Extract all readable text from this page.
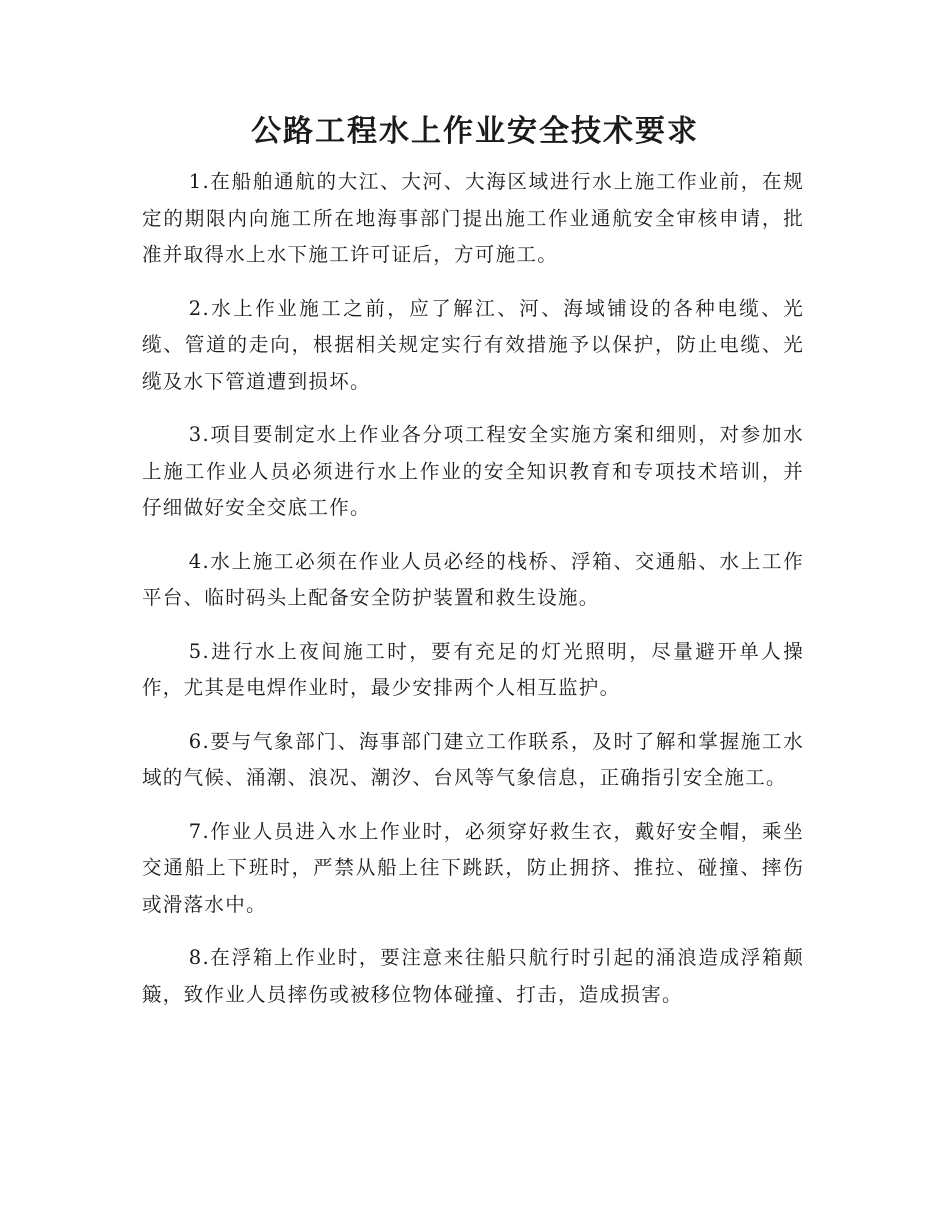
公路工程水上作业安全技术要求

1.在船舶通航的大江、大河、大海区域进行水上施工作业前，在规定的期限内向施工所在地海事部门提出施工作业通航安全审核申请，批准并取得水上水下施工许可证后，方可施工。

2.水上作业施工之前，应了解江、河、海域铺设的各种电缆、光缆、管道的走向，根据相关规定实行有效措施予以保护，防止电缆、光缆及水下管道遭到损坏。

3.项目要制定水上作业各分项工程安全实施方案和细则，对参加水上施工作业人员必须进行水上作业的安全知识教育和专项技术培训，并仔细做好安全交底工作。

4.水上施工必须在作业人员必经的栈桥、浮箱、交通船、水上工作平台、临时码头上配备安全防护装置和救生设施。

5.进行水上夜间施工时，要有充足的灯光照明，尽量避开单人操作，尤其是电焊作业时，最少安排两个人相互监护。

6.要与气象部门、海事部门建立工作联系，及时了解和掌握施工水域的气候、涌潮、浪况、潮汐、台风等气象信息，正确指引安全施工。

7.作业人员进入水上作业时，必须穿好救生衣，戴好安全帽，乘坐交通船上下班时，严禁从船上往下跳跃，防止拥挤、推拉、碰撞、摔伤或滑落水中。

8.在浮箱上作业时，要注意来往船只航行时引起的涌浪造成浮箱颠簸，致作业人员摔伤或被移位物体碰撞、打击，造成损害。
